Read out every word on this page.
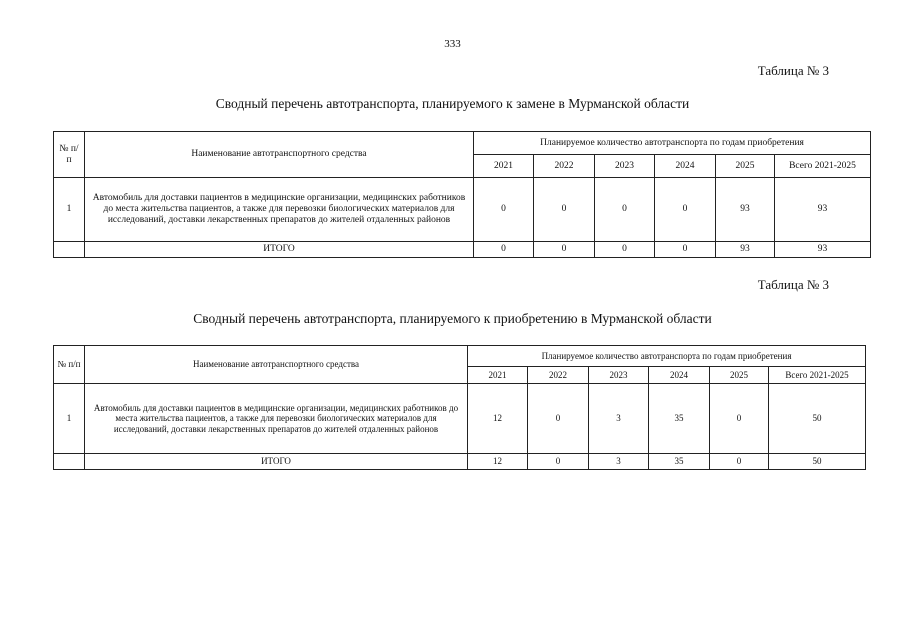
333
Таблица № 3
Сводный перечень автотранспорта, планируемого к замене в Мурманской области
№ п/п	Наименование автотранспортного средства	Планируемое количество автотранспорта по годам приобретения					
		2021	2022	2023	2024	2025	Всего 2021-2025
1	Автомобиль для доставки пациентов в медицинские организации, медицинских работников до места жительства пациентов, а также для перевозки биологических материалов для исследований, доставки лекарственных препаратов до жителей отдаленных районов	0	0	0	0	93	93
	ИТОГО	0	0	0	0	93	93
Таблица № 3
Сводный перечень автотранспорта, планируемого к приобретению в Мурманской области
№ п/п	Наименование автотранспортного средства	Планируемое количество автотранспорта по годам приобретения					
		2021	2022	2023	2024	2025	Всего 2021-2025
1	Автомобиль для доставки пациентов в медицинские организации, медицинских работников до места жительства пациентов, а также для перевозки биологических материалов для исследований, доставки лекарственных препаратов до жителей отдаленных районов	12	0	3	35	0	50
	ИТОГО	12	0	3	35	0	50
